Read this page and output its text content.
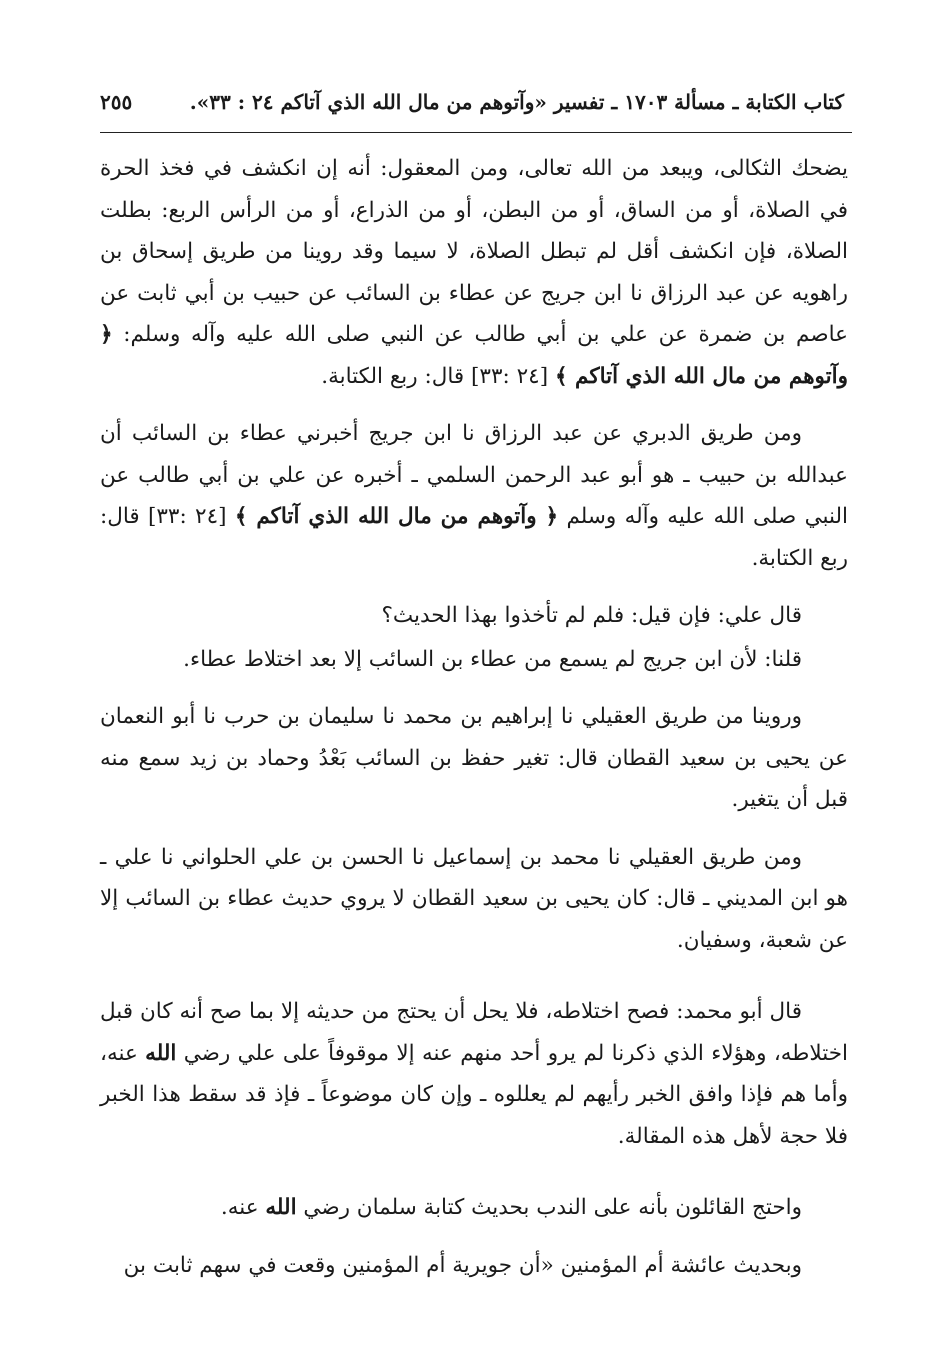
كتاب الكتابة ـ مسألة ١٧٠٣ ـ تفسير «وآتوهم من مال الله الذي آتاكم ٢٤ : ٣٣».
٢٥٥

يضحك الثكالى، ويبعد من الله تعالى، ومن المعقول: أنه إن انكشف في فخذ الحرة في الصلاة، أو من الساق، أو من البطن، أو من الذراع، أو من الرأس الربع: بطلت الصلاة، فإن انكشف أقل لم تبطل الصلاة، لا سيما وقد روينا من طريق إسحاق بن راهويه عن عبد الرزاق نا ابن جريج عن عطاء بن السائب عن حبيب بن أبي ثابت عن عاصم بن ضمرة عن علي بن أبي طالب عن النبي صلى الله عليه وآله وسلم: ﴿ وآتوهم من مال الله الذي آتاكم ﴾ [٢٤ :٣٣] قال: ربع الكتابة.

ومن طريق الدبري عن عبد الرزاق نا ابن جريج أخبرني عطاء بن السائب أن عبدالله بن حبيب ـ هو أبو عبد الرحمن السلمي ـ أخبره عن علي بن أبي طالب عن النبي صلى الله عليه وآله وسلم ﴿ وآتوهم من مال الله الذي آتاكم ﴾ [٢٤ :٣٣] قال: ربع الكتابة.

قال علي: فإن قيل: فلم لم تأخذوا بهذا الحديث؟

قلنا: لأن ابن جريج لم يسمع من عطاء بن السائب إلا بعد اختلاط عطاء.

وروينا من طريق العقيلي نا إبراهيم بن محمد نا سليمان بن حرب نا أبو النعمان عن يحيى بن سعيد القطان قال: تغير حفظ بن السائب بَعْدُ وحماد بن زيد سمع منه قبل أن يتغير.

ومن طريق العقيلي نا محمد بن إسماعيل نا الحسن بن علي الحلواني نا علي ـ هو ابن المديني ـ قال: كان يحيى بن سعيد القطان لا يروي حديث عطاء بن السائب إلا عن شعبة، وسفيان.

قال أبو محمد: فصح اختلاطه، فلا يحل أن يحتج من حديثه إلا بما صح أنه كان قبل اختلاطه، وهؤلاء الذي ذكرنا لم يرو أحد منهم عنه إلا موقوفاً على علي رضي الله عنه، وأما هم فإذا وافق الخبر رأيهم لم يعللوه ـ وإن كان موضوعاً ـ فإذ قد سقط هذا الخبر فلا حجة لأهل هذه المقالة.

واحتج القائلون بأنه على الندب بحديث كتابة سلمان رضي الله عنه.

وبحديث عائشة أم المؤمنين «أن جويرية أم المؤمنين وقعت في سهم ثابت بن
